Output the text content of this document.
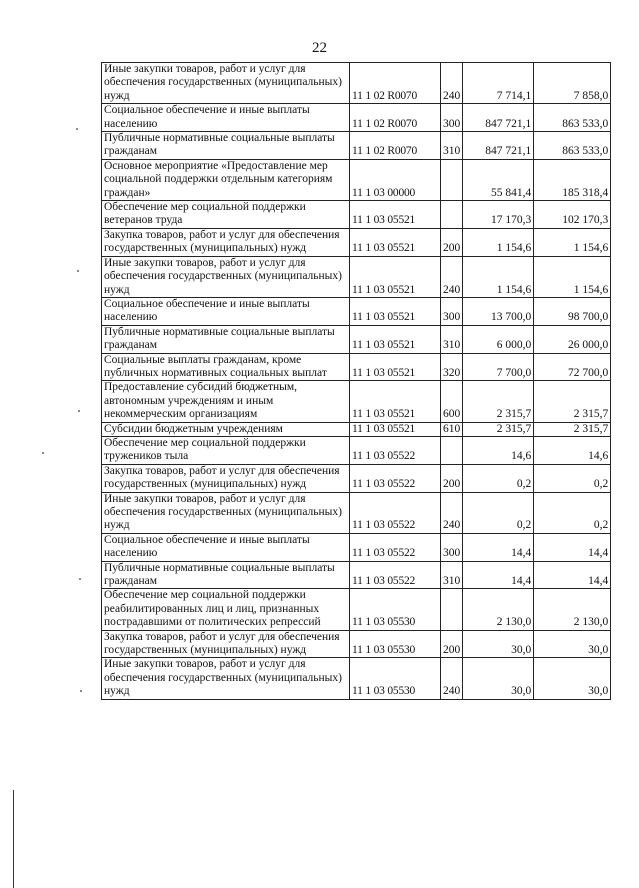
22
Иные закупки товаров, работ и услуг для обеспечения государственных (муниципальных) нужд	11 1 02 R0070	240	7 714,1	7 858,0
Социальное обеспечение и иные выплаты населению	11 1 02 R0070	300	847 721,1	863 533,0
Публичные нормативные социальные выплаты гражданам	11 1 02 R0070	310	847 721,1	863 533,0
Основное мероприятие «Предоставление мер социальной поддержки отдельным категориям граждан»	11 1 03 00000		55 841,4	185 318,4
Обеспечение мер социальной поддержки ветеранов труда	11 1 03 05521		17 170,3	102 170,3
Закупка товаров, работ и услуг для обеспечения государственных (муниципальных) нужд	11 1 03 05521	200	1 154,6	1 154,6
Иные закупки товаров, работ и услуг для обеспечения государственных (муниципальных) нужд	11 1 03 05521	240	1 154,6	1 154,6
Социальное обеспечение и иные выплаты населению	11 1 03 05521	300	13 700,0	98 700,0
Публичные нормативные социальные выплаты гражданам	11 1 03 05521	310	6 000,0	26 000,0
Социальные выплаты гражданам, кроме публичных нормативных социальных выплат	11 1 03 05521	320	7 700,0	72 700,0
Предоставление субсидий бюджетным, автономным учреждениям и иным некоммерческим организациям	11 1 03 05521	600	2 315,7	2 315,7
Субсидии бюджетным учреждениям	11 1 03 05521	610	2 315,7	2 315,7
Обеспечение мер социальной поддержки тружеников тыла	11 1 03 05522		14,6	14,6
Закупка товаров, работ и услуг для обеспечения государственных (муниципальных) нужд	11 1 03 05522	200	0,2	0,2
Иные закупки товаров, работ и услуг для обеспечения государственных (муниципальных) нужд	11 1 03 05522	240	0,2	0,2
Социальное обеспечение и иные выплаты населению	11 1 03 05522	300	14,4	14,4
Публичные нормативные социальные выплаты гражданам	11 1 03 05522	310	14,4	14,4
Обеспечение мер социальной поддержки реабилитированных лиц и лиц, признанных пострадавшими от политических репрессий	11 1 03 05530		2 130,0	2 130,0
Закупка товаров, работ и услуг для обеспечения государственных (муниципальных) нужд	11 1 03 05530	200	30,0	30,0
Иные закупки товаров, работ и услуг для обеспечения государственных (муниципальных) нужд	11 1 03 05530	240	30,0	30,0
